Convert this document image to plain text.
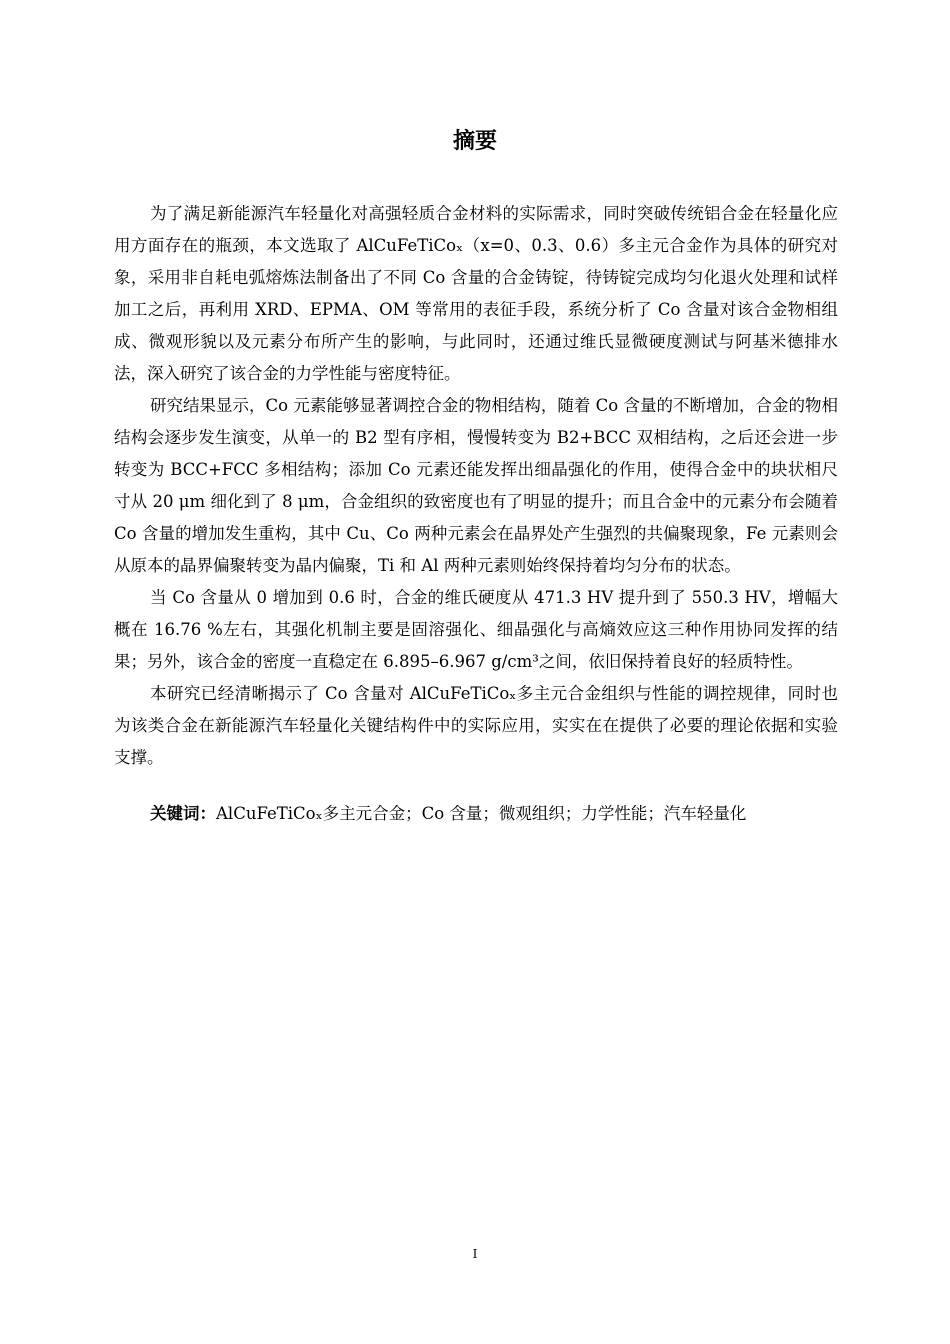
摘要

为了满足新能源汽车轻量化对高强轻质合金材料的实际需求，同时突破传统铝合金在轻量化应用方面存在的瓶颈，本文选取了 AlCuFeTiCoₓ（x=0、0.3、0.6）多主元合金作为具体的研究对象，采用非自耗电弧熔炼法制备出了不同 Co 含量的合金铸锭，待铸锭完成均匀化退火处理和试样加工之后，再利用 XRD、EPMA、OM 等常用的表征手段，系统分析了 Co 含量对该合金物相组成、微观形貌以及元素分布所产生的影响，与此同时，还通过维氏显微硬度测试与阿基米德排水法，深入研究了该合金的力学性能与密度特征。

研究结果显示，Co 元素能够显著调控合金的物相结构，随着 Co 含量的不断增加，合金的物相结构会逐步发生演变，从单一的 B2 型有序相，慢慢转变为 B2+BCC 双相结构，之后还会进一步转变为 BCC+FCC 多相结构；添加 Co 元素还能发挥出细晶强化的作用，使得合金中的块状相尺寸从 20 μm 细化到了 8 μm，合金组织的致密度也有了明显的提升；而且合金中的元素分布会随着 Co 含量的增加发生重构，其中 Cu、Co 两种元素会在晶界处产生强烈的共偏聚现象，Fe 元素则会从原本的晶界偏聚转变为晶内偏聚，Ti 和 Al 两种元素则始终保持着均匀分布的状态。

当 Co 含量从 0 增加到 0.6 时，合金的维氏硬度从 471.3 HV 提升到了 550.3 HV，增幅大概在 16.76 %左右，其强化机制主要是固溶强化、细晶强化与高熵效应这三种作用协同发挥的结果；另外，该合金的密度一直稳定在 6.895–6.967 g/cm³之间，依旧保持着良好的轻质特性。

本研究已经清晰揭示了 Co 含量对 AlCuFeTiCoₓ多主元合金组织与性能的调控规律，同时也为该类合金在新能源汽车轻量化关键结构件中的实际应用，实实在在提供了必要的理论依据和实验支撑。

关键词：AlCuFeTiCoₓ多主元合金；Co 含量；微观组织；力学性能；汽车轻量化

I
